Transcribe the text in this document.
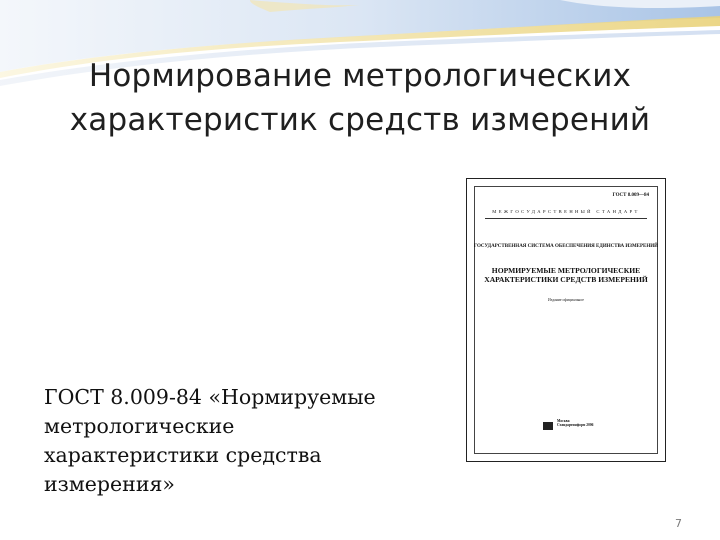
Нормирование метрологических
характеристик средств измерений
ГОСТ 8.009-84 «Нормируемые
метрологические
характеристики средства
измерения»
ГОСТ 8.009—84
МЕЖГОСУДАРСТВЕННЫЙ СТАНДАРТ
ГОСУДАРСТВЕННАЯ СИСТЕМА ОБЕСПЕЧЕНИЯ ЕДИНСТВА ИЗМЕРЕНИЙ
НОРМИРУЕМЫЕ МЕТРОЛОГИЧЕСКИЕ ХАРАКТЕРИСТИКИ СРЕДСТВ ИЗМЕРЕНИЙ
Издание официальное
Москва Стандартинформ 2006
7
